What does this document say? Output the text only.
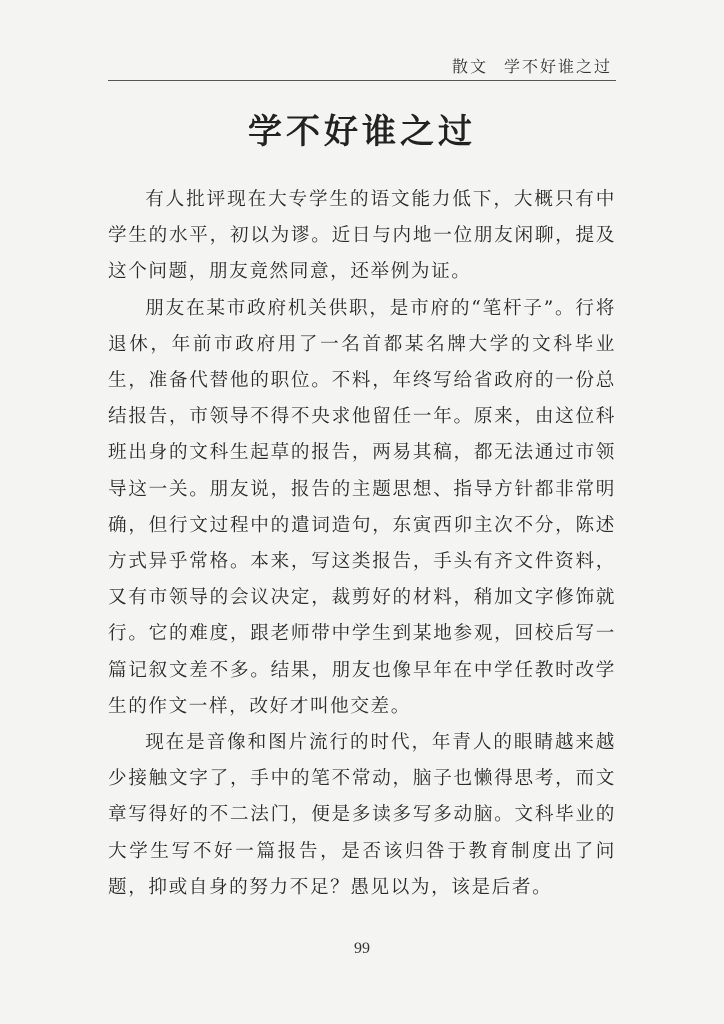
散文 学不好谁之过
学不好谁之过

有人批评现在大专学生的语文能力低下，大概只有中学生的水平，初以为谬。近日与内地一位朋友闲聊，提及这个问题，朋友竟然同意，还举例为证。

朋友在某市政府机关供职，是市府的“笔杆子”。行将退休，年前市政府用了一名首都某名牌大学的文科毕业生，准备代替他的职位。不料，年终写给省政府的一份总结报告，市领导不得不央求他留任一年。原来，由这位科班出身的文科生起草的报告，两易其稿，都无法通过市领导这一关。朋友说，报告的主题思想、指导方针都非常明确，但行文过程中的遣词造句，东寅西卯主次不分，陈述方式异乎常格。本来，写这类报告，手头有齐文件资料，又有市领导的会议决定，裁剪好的材料，稍加文字修饰就行。它的难度，跟老师带中学生到某地参观，回校后写一篇记叙文差不多。结果，朋友也像早年在中学任教时改学生的作文一样，改好才叫他交差。

现在是音像和图片流行的时代，年青人的眼睛越来越少接触文字了，手中的笔不常动，脑子也懒得思考，而文章写得好的不二法门，便是多读多写多动脑。文科毕业的大学生写不好一篇报告，是否该归咎于教育制度出了问题，抑或自身的努力不足？愚见以为，该是后者。

99
